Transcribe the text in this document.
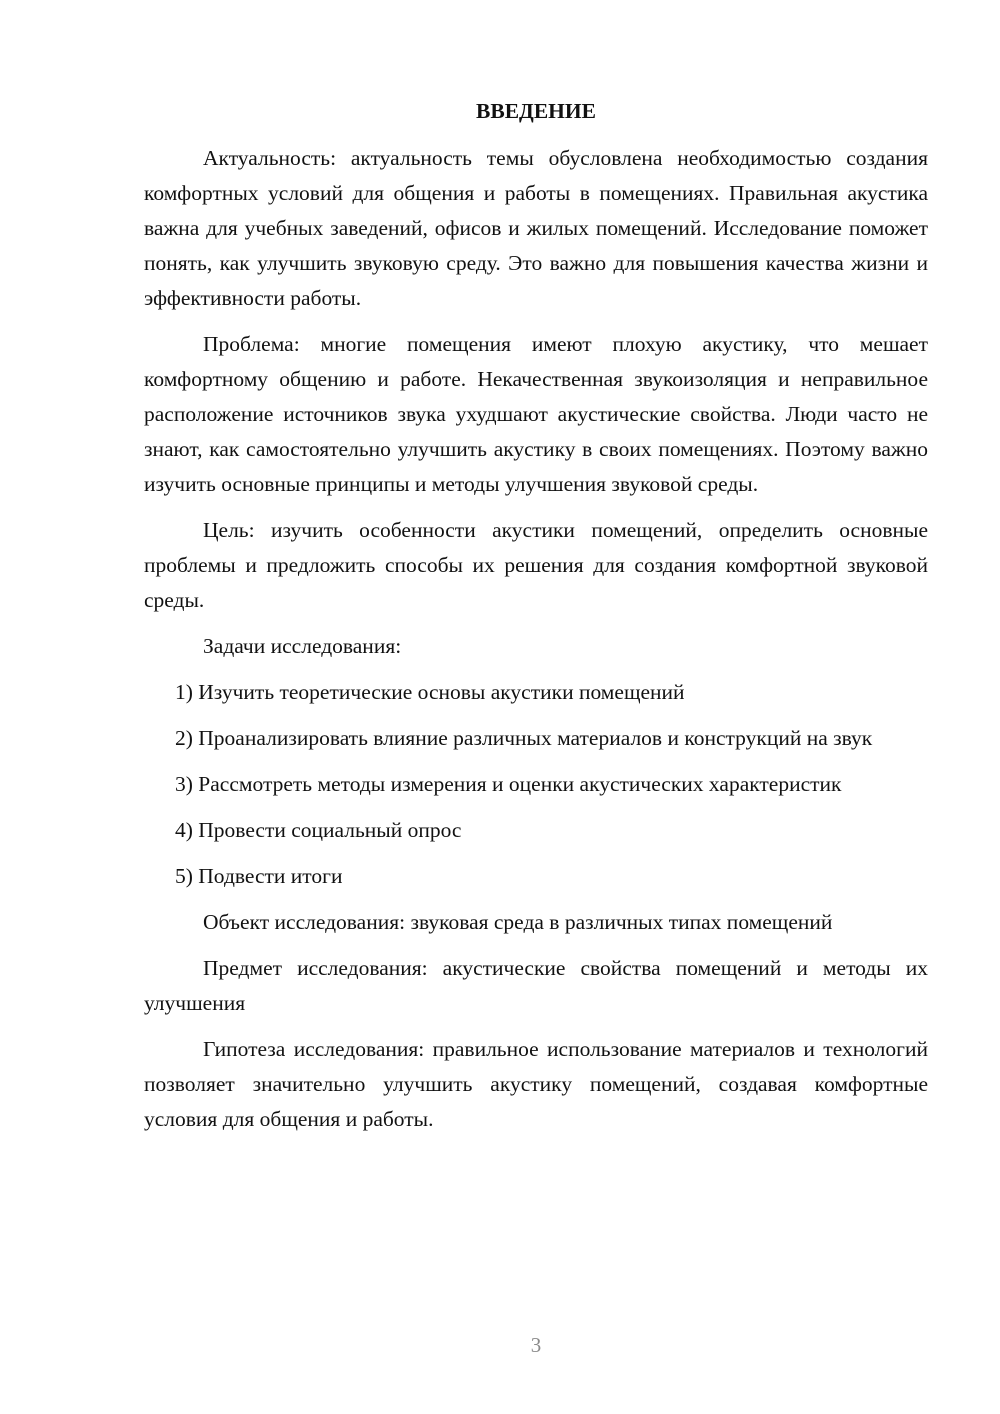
ВВЕДЕНИЕ

Актуальность: актуальность темы обусловлена необходимостью создания комфортных условий для общения и работы в помещениях. Правильная акустика важна для учебных заведений, офисов и жилых помещений. Исследование поможет понять, как улучшить звуковую среду. Это важно для повышения качества жизни и эффективности работы.

Проблема: многие помещения имеют плохую акустику, что мешает комфортному общению и работе. Некачественная звукоизоляция и неправильное расположение источников звука ухудшают акустические свойства. Люди часто не знают, как самостоятельно улучшить акустику в своих помещениях. Поэтому важно изучить основные принципы и методы улучшения звуковой среды.

Цель: изучить особенности акустики помещений, определить основные проблемы и предложить способы их решения для создания комфортной звуковой среды.

Задачи исследования:

1) Изучить теоретические основы акустики помещений

2) Проанализировать влияние различных материалов и конструкций на звук

3) Рассмотреть методы измерения и оценки акустических характеристик

4) Провести социальный опрос

5) Подвести итоги

Объект исследования: звуковая среда в различных типах помещений

Предмет исследования: акустические свойства помещений и методы их улучшения

Гипотеза исследования: правильное использование материалов и технологий позволяет значительно улучшить акустику помещений, создавая комфортные условия для общения и работы.

3
